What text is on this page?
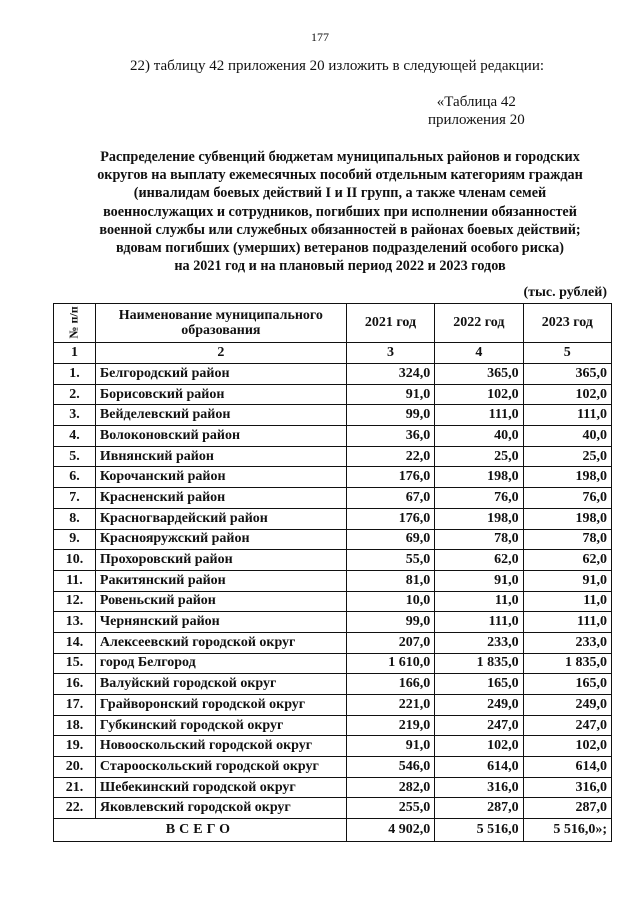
177
22) таблицу 42 приложения 20 изложить в следующей редакции:
«Таблица 42
приложения 20
Распределение субвенций бюджетам муниципальных районов и городских
округов на выплату ежемесячных пособий отдельным категориям граждан
(инвалидам боевых действий I и II групп, а также членам семей
военнослужащих и сотрудников, погибших при исполнении обязанностей
военной службы или служебных обязанностей в районах боевых действий;
вдовам погибших (умерших) ветеранов подразделений особого риска)
на 2021 год и на плановый период 2022 и 2023 годов
(тыс. рублей)
№ п/п	Наименование муниципального образования	2021 год	2022 год	2023 год
1	2	3	4	5
1.	Белгородский район	324,0	365,0	365,0
2.	Борисовский район	91,0	102,0	102,0
3.	Вейделевский район	99,0	111,0	111,0
4.	Волоконовский район	36,0	40,0	40,0
5.	Ивнянский район	22,0	25,0	25,0
6.	Корочанский район	176,0	198,0	198,0
7.	Красненский район	67,0	76,0	76,0
8.	Красногвардейский район	176,0	198,0	198,0
9.	Краснояружский район	69,0	78,0	78,0
10.	Прохоровский район	55,0	62,0	62,0
11.	Ракитянский район	81,0	91,0	91,0
12.	Ровеньский район	10,0	11,0	11,0
13.	Чернянский район	99,0	111,0	111,0
14.	Алексеевский городской округ	207,0	233,0	233,0
15.	город Белгород	1 610,0	1 835,0	1 835,0
16.	Валуйский городской округ	166,0	165,0	165,0
17.	Грайворонский городской округ	221,0	249,0	249,0
18.	Губкинский городской округ	219,0	247,0	247,0
19.	Новооскольский городской округ	91,0	102,0	102,0
20.	Старооскольский городской округ	546,0	614,0	614,0
21.	Шебекинский городской округ	282,0	316,0	316,0
22.	Яковлевский городской округ	255,0	287,0	287,0
ВСЕГО		4 902,0	5 516,0	5 516,0»;
